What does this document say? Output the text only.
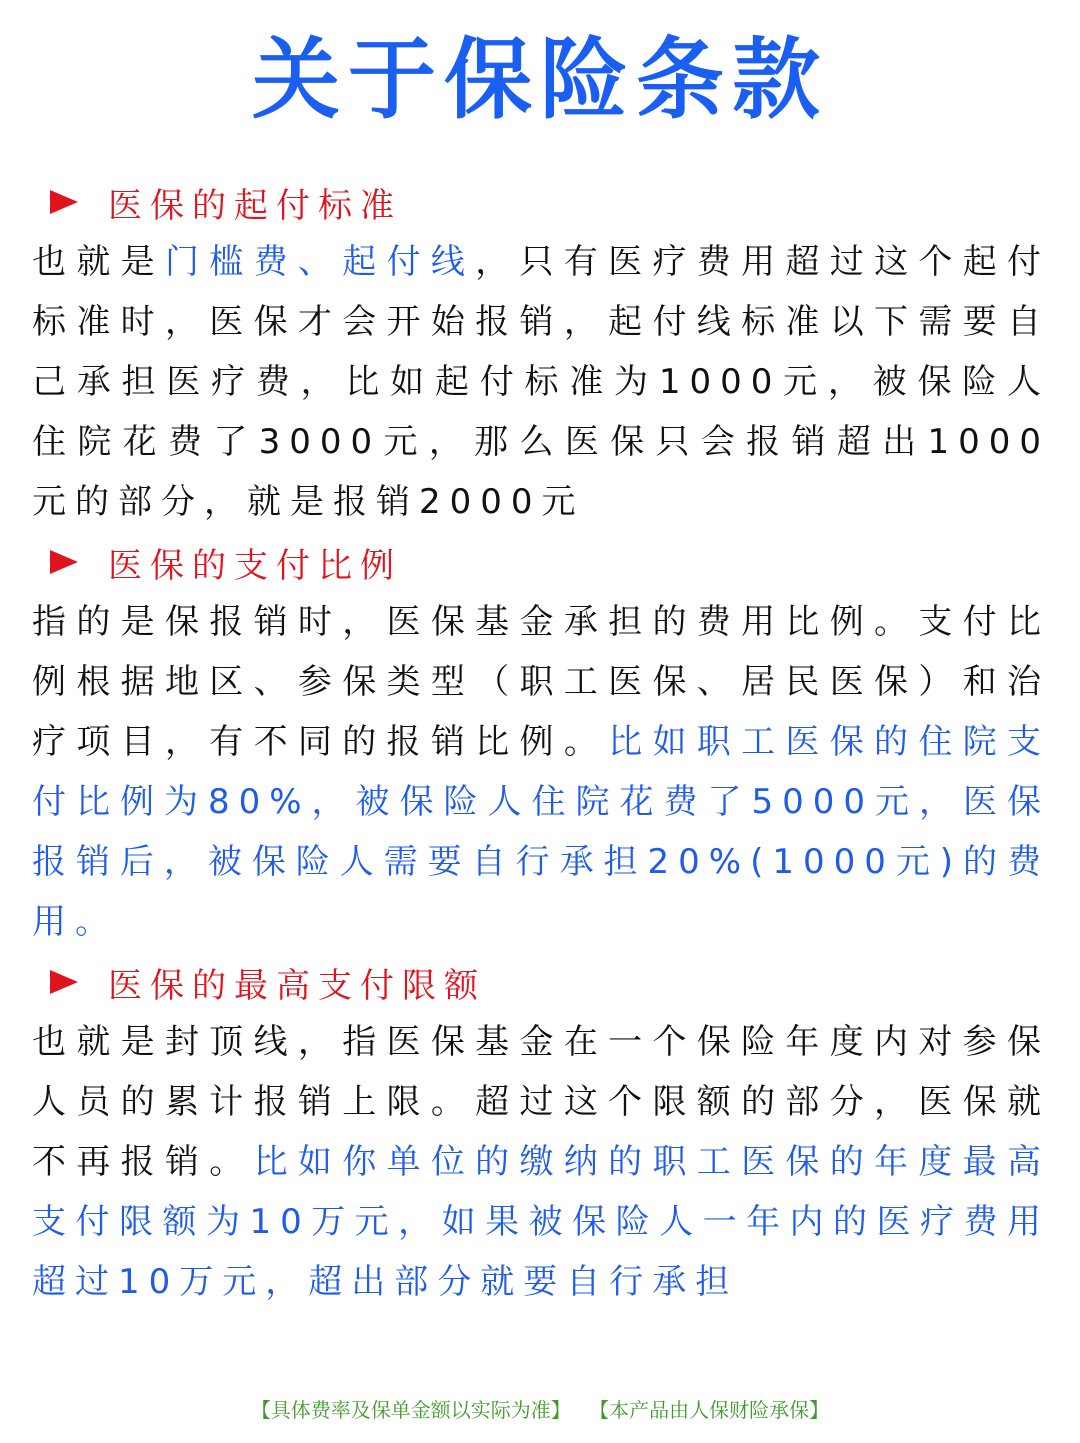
关于保险条款
医保的起付标准

也就是门槛费、起付线，只有医疗费用超过这个起付标准时，医保才会开始报销，起付线标准以下需要自己承担医疗费，比如起付标准为1000元，被保险人住院花费了3000元，那么医保只会报销超出1000元的部分，就是报销2000元

医保的支付比例

指的是保报销时，医保基金承担的费用比例。支付比例根据地区、参保类型（职工医保、居民医保）和治疗项目，有不同的报销比例。比如职工医保的住院支付比例为80%，被保险人住院花费了5000元，医保报销后，被保险人需要自行承担20%(1000元)的费用。

医保的最高支付限额

也就是封顶线，指医保基金在一个保险年度内对参保人员的累计报销上限。超过这个限额的部分，医保就不再报销。比如你单位的缴纳的职工医保的年度最高支付限额为10万元，如果被保险人一年内的医疗费用超过10万元，超出部分就要自行承担

【具体费率及保单金额以实际为准】 【本产品由人保财险承保】
